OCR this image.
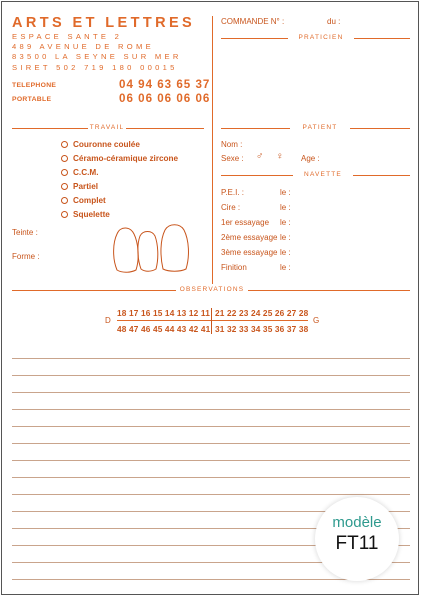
ARTS ET LETTRES
ESPACE SANTE 2
489 AVENUE DE ROME
83500 LA SEYNE SUR MER
SIRET 502 719 180 00015
TELEPHONE	04 94 63 65 37
PORTABLE	06 06 06 06 06
COMMANDE N° :	du :
PRATICIEN
TRAVAIL
Couronne coulée
Céramo-céramique zircone
C.C.M.
Partiel
Complet
Squelette
Teinte :
Forme :
PATIENT
Nom :
Sexe : ♂ ♀ Age :
NAVETTE
P.E.I. :	le :
Cire :	le :
1er essayage le :
2ème essayage le :
3ème essayage le :
Finition	le :
OBSERVATIONS
D	G
18 17 16 15 14 13 12 11 21 22 23 24 25 26 27 28
48 47 46 45 44 43 42 41 31 32 33 34 35 36 37 38
modèle
FT11
